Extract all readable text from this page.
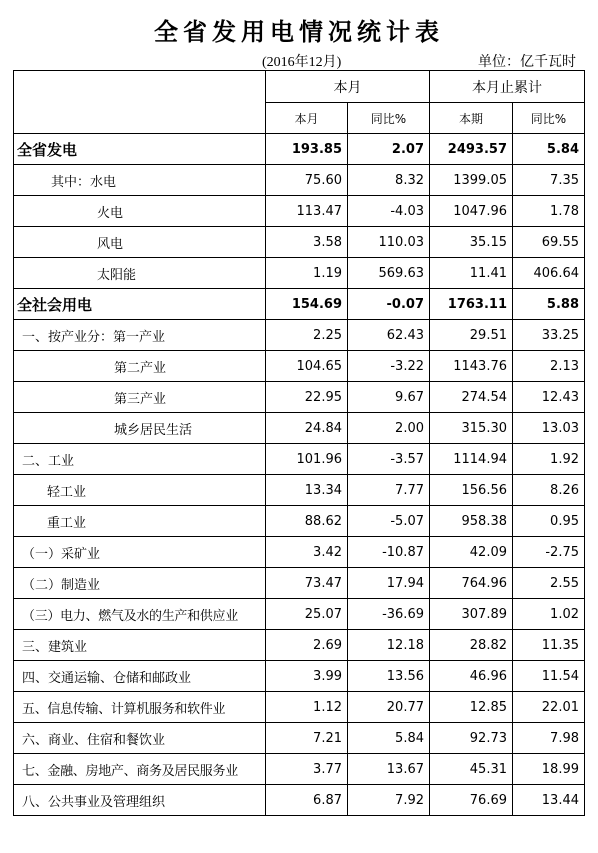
全省发用电情况统计表
(2016年12月)	单位：亿千瓦时
	本月		本月止累计	
	本月	同比%	本期	同比%
全省发电	193.85	2.07	2493.57	5.84
其中：水电	75.60	8.32	1399.05	7.35
火电	113.47	-4.03	1047.96	1.78
风电	3.58	110.03	35.15	69.55
太阳能	1.19	569.63	11.41	406.64
全社会用电	154.69	-0.07	1763.11	5.88
一、按产业分：第一产业	2.25	62.43	29.51	33.25
第二产业	104.65	-3.22	1143.76	2.13
第三产业	22.95	9.67	274.54	12.43
城乡居民生活	24.84	2.00	315.30	13.03
二、工业	101.96	-3.57	1114.94	1.92
轻工业	13.34	7.77	156.56	8.26
重工业	88.62	-5.07	958.38	0.95
（一）采矿业	3.42	-10.87	42.09	-2.75
（二）制造业	73.47	17.94	764.96	2.55
（三）电力、燃气及水的生产和供应业	25.07	-36.69	307.89	1.02
三、建筑业	2.69	12.18	28.82	11.35
四、交通运输、仓储和邮政业	3.99	13.56	46.96	11.54
五、信息传输、计算机服务和软件业	1.12	20.77	12.85	22.01
六、商业、住宿和餐饮业	7.21	5.84	92.73	7.98
七、金融、房地产、商务及居民服务业	3.77	13.67	45.31	18.99
八、公共事业及管理组织	6.87	7.92	76.69	13.44
